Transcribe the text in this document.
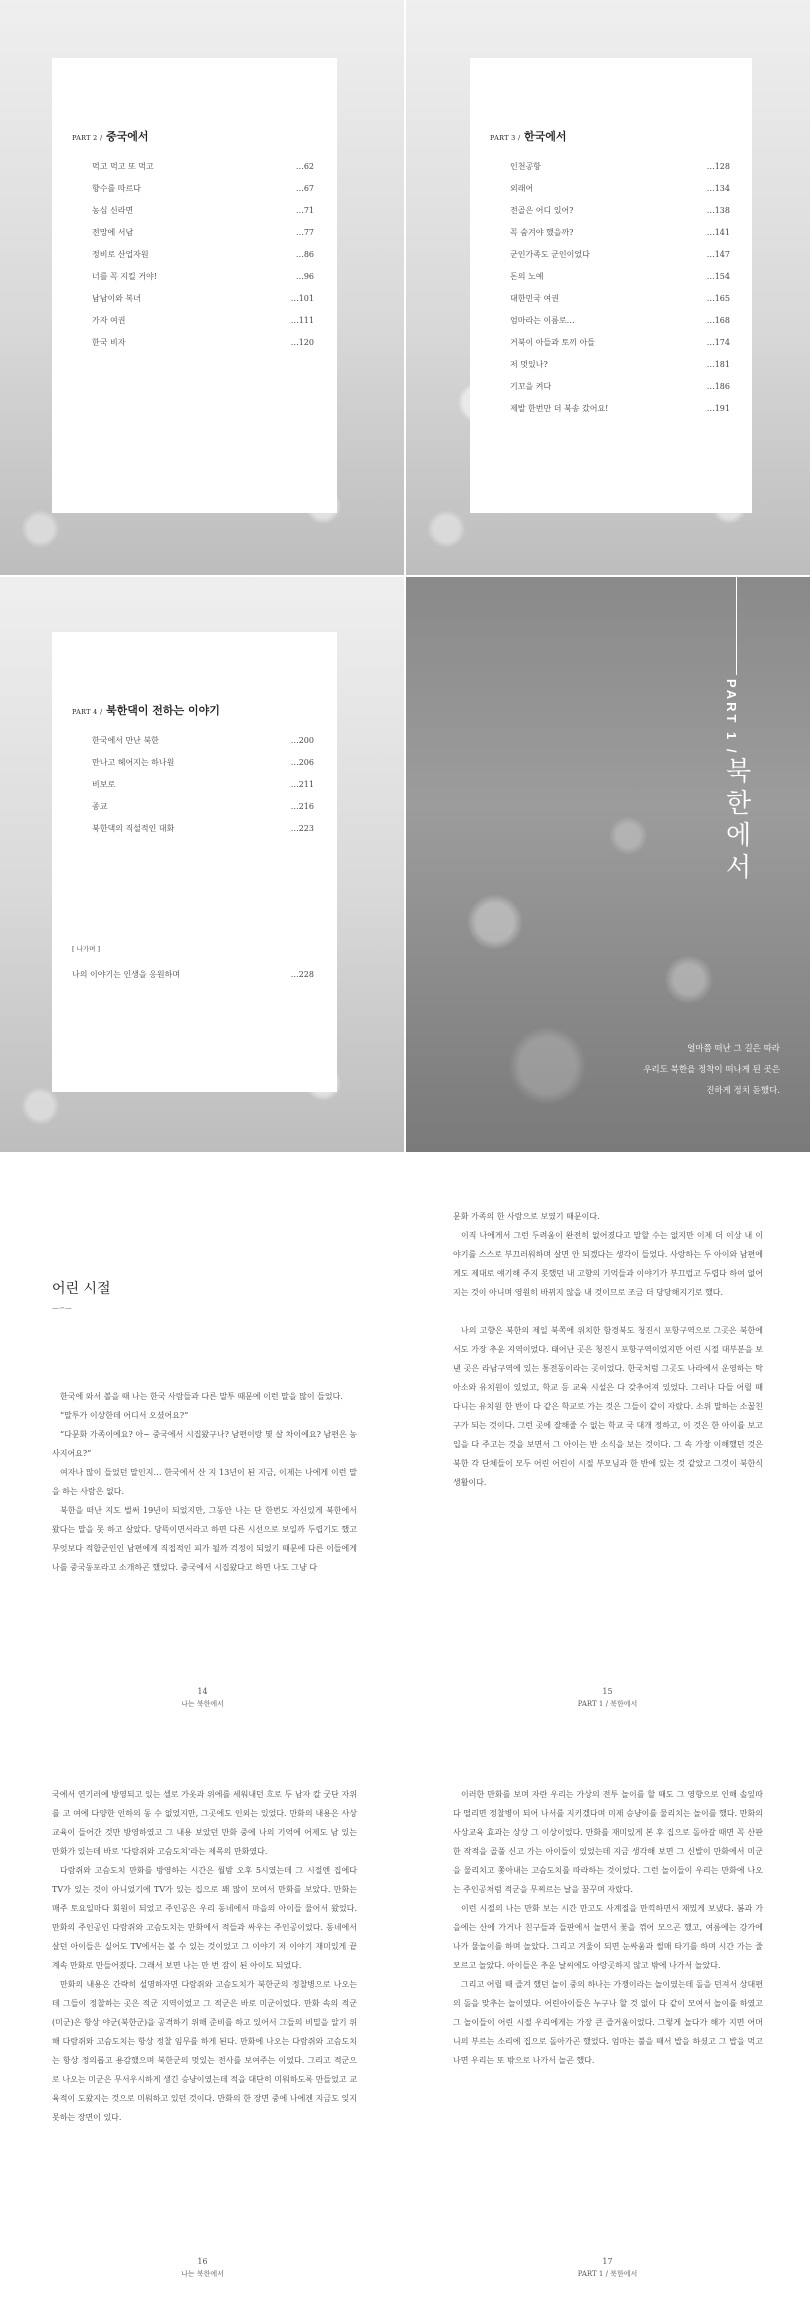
PART 2 / 중국에서
먹고 먹고 또 먹고	…62
향수를 따르다	…67
농심 신라면	…71
전망에 서남	…77
정비로 산업자원	…86
너를 꼭 지킬 거야!	…96
남남이와 복녀	…101
가자 여권	…111
한국 비자	…120
PART 3 / 한국에서
인천공항	…128
외래어	…134
전골은 어디 있어?	…138
꼭 숨겨야 했을까?	…141
군인가족도 군인이었다	…147
돈의 노예	…154
대한민국 여권	…165
엄마라는 이름로…	…168
거북이 아들과 토끼 아들	…174
저 멋있나?	…181
기꼬을 켜다	…186
제발 한번만 더 북송 갔어요!	…191
PART 4 / 북한댁이 전하는 이야기
한국에서 만난 북한	…200
만나고 헤어지는 하나원	…206
비보로	…211
종교	…216
북한댁의 직설적인 대화	…223
[ 나가며 ]
나의 이야기는 인생을 응원하며	…228
PART 1 /
북한에서
얼마쯤 떠난 그 길은 따라
우리도 북한을 정착이 떠나게 된 곳은
진하게 정치 돋했다.
어린 시절
—∽—

한국에 와서 볼을 때 나는 한국 사람들과 다른 말투 때문에 이런 말을 많이 들었다.

“말투가 이상한데 어디서 오셨어요?”

“다문화 가족이에요? 아~ 중국에서 시집왔구나? 남편이랑 몇 살 차이에요? 남편은 농사지어요?”

여자나 많이 들었던 말인지… 한국에서 산 지 13년이 된 지금, 이제는 나에게 이런 말을 하는 사람은 없다.

북한을 떠난 지도 벌써 19년이 되었지만, 그동안 나는 단 한번도 자신있게 북한에서 왔다는 말을 못 하고 살았다. 당뜩이면서라고 하면 다른 시선으로 보일까 두렵기도 했고 무엇보다 적합군인인 남편에게 직접적인 피가 될까 걱정이 되었기 때문에 다른 이들에게 나를 중국동포라고 소개하곤 했었다. 중국에서 시집왔다고 하면 나도 그냥 다

14
나는 북한에서

문화 가족의 한 사람으로 보였기 때문이다.

이직 나에게서 그런 두려움이 완전히 없어졌다고 말할 수는 없지만 이제 더 이상 내 이야기를 스스로 부끄러워하며 살면 안 되겠다는 생각이 들었다. 사랑하는 두 아이와 남편에게도 제대로 얘기해 주지 못했던 내 고향의 기억들과 이야기가 부끄럽고 두렵다 하여 없어지는 것이 아니며 영원히 바뀌지 않을 내 것이므로 조금 더 당당해지기로 했다.

나의 고향은 북한의 제일 북쪽에 위치한 함경북도 청진시 포항구역으로 그곳은 북한에서도 가장 추운 지역이었다. 태어난 곳은 청진시 포항구역이었지만 어린 시절 대부분을 보낸 곳은 라남구역에 있는 통전동이라는 곳이었다. 한국처럼 그곳도 나라에서 운영하는 탁아소와 유치원이 있었고, 학교 등 교육 시설은 다 갖추어져 있었다. 그러나 다들 어릴 때 다니는 유치원 한 반이 다 같은 학교로 가는 것은 그들이 같이 자랐다. 소위 말하는 소꿉친구가 되는 것이다. 그런 곳에 잘해줄 수 없는 학교 국 대개 정하고, 이 것은 한 아이를 보고 입을 다 주고는 것을 보면서 그 아이는 반 소식을 보는 것이다. 그 속 가장 이해했던 것은 북한 각 단체들이 모두 어린 어린이 시절 부모님과 한 반에 있는 것 같았고 그것이 북한식 생활이다.

15
PART 1 / 북한에서

국에서 연기러에 방영되고 있는 셀로 가옷과 위에를 세워내던 흐로 두 남자 칼 굿단 자위를 고 여에 다양한 인하의 동 수 없었지만, 그곳에도 인외는 있었다. 만화의 내용은 사상교육이 들어간 것만 방영하였고 그 내용 보았던 만화 중에 나의 기억에 어제도 남 있는 만화가 있는데 바로 '다람쥐와 고슴도치'라는 제목의 만화였다.

다람쥐와 고슴도치 만화를 방영하는 시간은 월밤 오후 5시였는데 그 시절엔 집에다 TV가 있는 것이 아니었기에 TV가 있는 집으로 꽤 많이 모여서 만화를 보았다. 만화는 매주 토요일마다 회원이 되었고 주인공은 우리 동네에서 마을의 아이들 물어서 왔었다. 만화의 주인공인 다람쥐와 고슴도치는 만화에서 적들과 싸우는 주인공이었다. 동네에서 살던 아이들은 실어도 TV에서는 볼 수 있는 것이었고 그 이야기 저 이야기 재미있게 끝 계속 만화로 만들어졌다. 그래서 보면 나는 만 번 잠이 된 아이도 되었다.

만화의 내용은 간략히 설명하자면 다람쥐와 고슴도치가 북한군의 정찰병으로 나오는데 그들이 정찰하는 곳은 적군 지역이었고 그 적군은 바로 미군이었다. 만화 속의 적군(미군)은 항상 야군(북한군)을 공격하기 위해 준비를 하고 있어서 그들의 비밀을 알기 위해 다람쥐와 고슴도치는 항상 정찰 임무를 하게 된다. 만화에 나오는 다람쥐와 고슴도치는 항상 정의롭고 용감했으며 북한군의 멋있는 전사를 보여주는 이었다. 그리고 적군으로 나오는 미군은 무서우시하게 생긴 승냥이였는데 적을 대단히 미워하도록 만들었고 교육적이 도왔지는 것으로 미워하고 있던 것이다. 만화의 한 장면 중에 나에겐 지금도 잊지 못하는 장면이 있다.

16
나는 북한에서

이러한 만화를 보며 자란 우리는 가상의 전투 놀이를 할 때도 그 영향으로 인해 솔잎따다 떨리면 정찰병이 되어 나서를 지키겠다며 미제 승냥이를 물리치는 놀이를 했다. 만화의 사상교육 효과는 상상 그 이상이었다. 만화를 재미있게 본 후 집으로 돌아갈 때면 꼭 산판 한 작적을 골풀 신고 가는 아이들이 있었는데 지금 생각해 보면 그 신발이 만화에서 미군을 물리치고 쫓아내는 고슴도치를 따라하는 것이었다. 그런 놀이들이 우리는 만화에 나오는 주인공처럼 적군을 무찌르는 날을 꿈꾸며 자랐다.

이런 시절의 나는 만화 보는 시간 만고도 사계절을 만끽하면서 재밌게 보냈다. 봄과 가을에는 산에 가거나 친구들과 들판에서 놀면서 꽃을 꺾어 모으곤 했고, 여름에는 강가에 나가 물놀이를 하며 놀았다. 그리고 겨울이 되면 눈싸움과 썰매 타기를 하며 시간 가는 줄 모르고 놀았다. 아이들은 추운 날씨에도 아랑곳하지 않고 밖에 나가서 놀았다.

그리고 어릴 때 즐겨 했던 놀이 중의 하나는 가쟁이라는 놀이였는데 돌을 던져서 상대편의 돌을 맞추는 놀이였다. 어린아이들은 누구나 할 것 없이 다 같이 모여서 놀이를 하였고 그 놀이들이 어린 시절 우리에게는 가장 큰 즐거움이었다. 그렇게 놀다가 해가 지면 어머니의 부르는 소리에 집으로 돌아가곤 했었다. 엄마는 불을 때서 밥을 하셨고 그 밥을 먹고 나면 우리는 또 밖으로 나가서 놀곤 했다.

17
PART 1 / 북한에서
